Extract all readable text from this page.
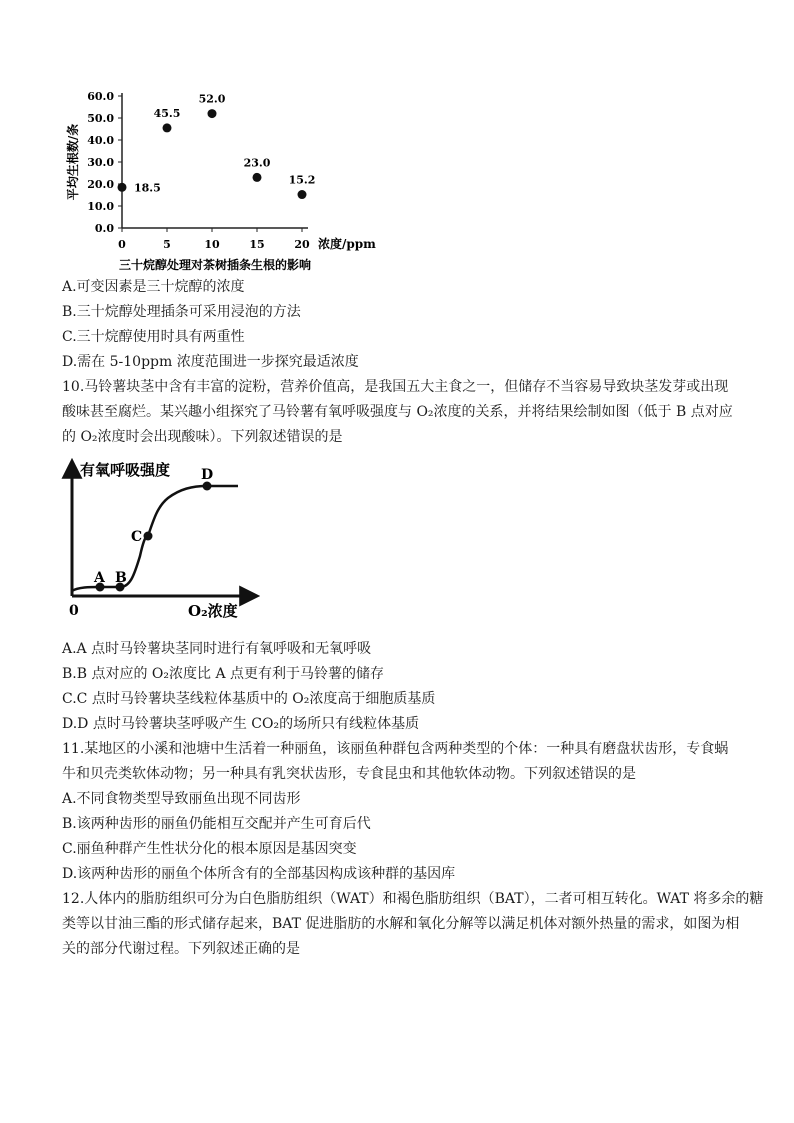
0.0
10.0
20.0
30.0
40.0
50.0
60.0
0	5	10	15	20
平均生根数/条
浓度/ppm
三十烷醇处理对茶树插条生根的影响
18.5
45.5
52.0
23.0
15.2
A.可变因素是三十烷醇的浓度
B.三十烷醇处理插条可采用浸泡的方法
C.三十烷醇使用时具有两重性
D.需在 5-10ppm 浓度范围进一步探究最适浓度
10.马铃薯块茎中含有丰富的淀粉，营养价值高，是我国五大主食之一，但储存不当容易导致块茎发芽或出现
酸味甚至腐烂。某兴趣小组探究了马铃薯有氧呼吸强度与 O₂浓度的关系，并将结果绘制如图（低于 B 点对应
的 O₂浓度时会出现酸味）。下列叙述错误的是
有氧呼吸强度
O₂浓度
0
A B
C
D
A.A 点时马铃薯块茎同时进行有氧呼吸和无氧呼吸
B.B 点对应的 O₂浓度比 A 点更有利于马铃薯的储存
C.C 点时马铃薯块茎线粒体基质中的 O₂浓度高于细胞质基质
D.D 点时马铃薯块茎呼吸产生 CO₂的场所只有线粒体基质
11.某地区的小溪和池塘中生活着一种丽鱼，该丽鱼种群包含两种类型的个体：一种具有磨盘状齿形，专食蜗
牛和贝壳类软体动物；另一种具有乳突状齿形，专食昆虫和其他软体动物。下列叙述错误的是
A.不同食物类型导致丽鱼出现不同齿形
B.该两种齿形的丽鱼仍能相互交配并产生可育后代
C.丽鱼种群产生性状分化的根本原因是基因突变
D.该两种齿形的丽鱼个体所含有的全部基因构成该种群的基因库
12.人体内的脂肪组织可分为白色脂肪组织（WAT）和褐色脂肪组织（BAT），二者可相互转化。WAT 将多余的糖
类等以甘油三酯的形式储存起来，BAT 促进脂肪的水解和氧化分解等以满足机体对额外热量的需求，如图为相
关的部分代谢过程。下列叙述正确的是
